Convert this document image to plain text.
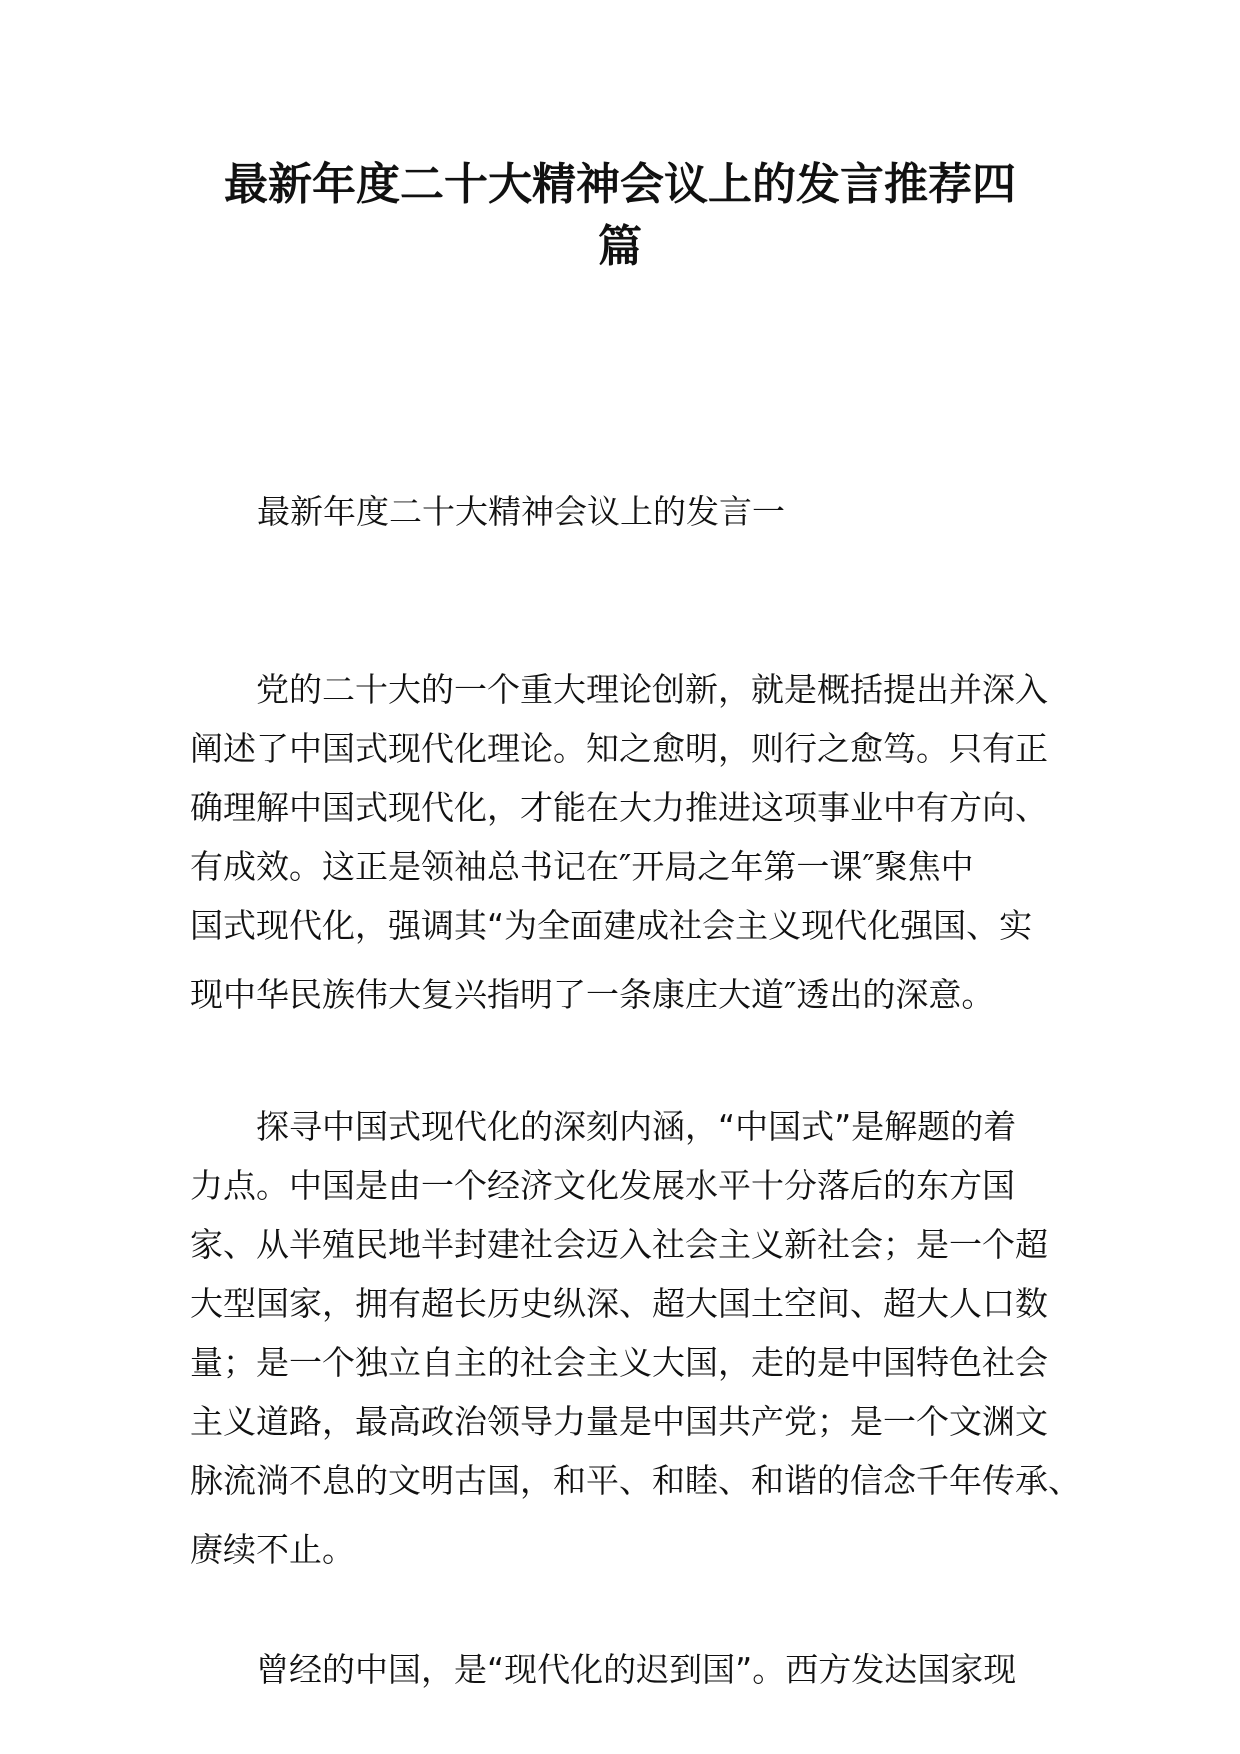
最新年度二十大精神会议上的发言推荐四
篇

最新年度二十大精神会议上的发言一

　　党的二十大的一个重大理论创新，就是概括提出并深入
阐述了中国式现代化理论。知之愈明，则行之愈笃。只有正
确理解中国式现代化，才能在大力推进这项事业中有方向、
有成效。这正是领袖总书记在″开局之年第一课″聚焦中
国式现代化，强调其“为全面建成社会主义现代化强国、实
现中华民族伟大复兴指明了一条康庄大道″透出的深意。

　　探寻中国式现代化的深刻内涵，“中国式”是解题的着
力点。中国是由一个经济文化发展水平十分落后的东方国
家、从半殖民地半封建社会迈入社会主义新社会；是一个超
大型国家，拥有超长历史纵深、超大国土空间、超大人口数
量；是一个独立自主的社会主义大国，走的是中国特色社会
主义道路，最高政治领导力量是中国共产党；是一个文渊文
脉流淌不息的文明古国，和平、和睦、和谐的信念千年传承、
赓续不止。

　　曾经的中国，是“现代化的迟到国”。西方发达国家现
